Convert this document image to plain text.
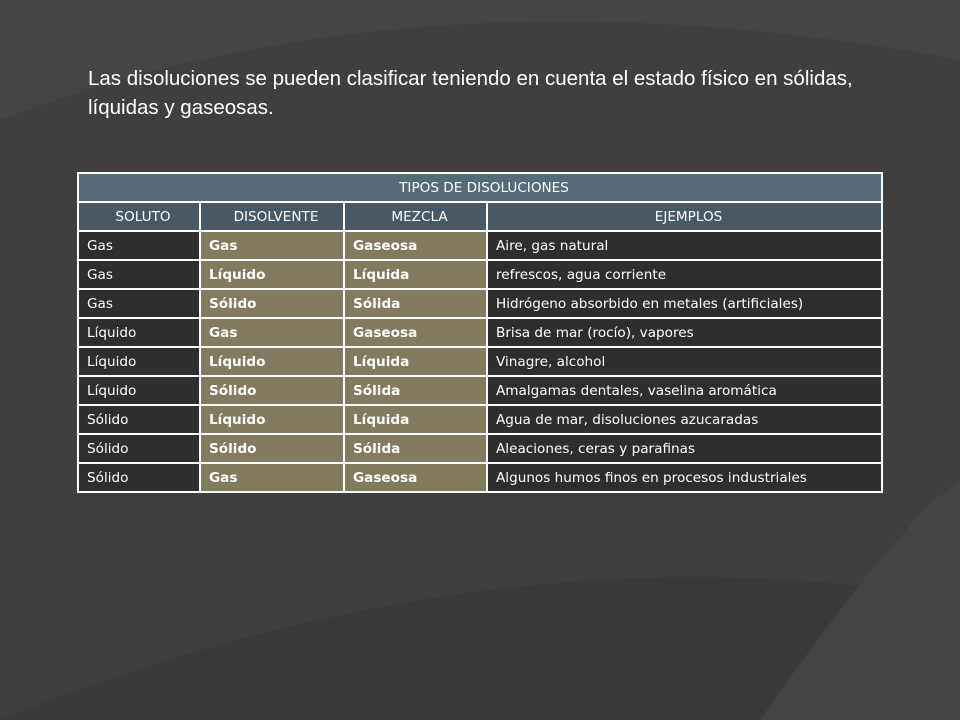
Las disoluciones se pueden clasificar teniendo en cuenta el estado físico en sólidas, líquidas y gaseosas.
TIPOS DE DISOLUCIONES			
SOLUTO	DISOLVENTE	MEZCLA	EJEMPLOS
Gas	Gas	Gaseosa	Aire, gas natural
Gas	Líquido	Líquida	refrescos, agua corriente
Gas	Sólido	Sólida	Hidrógeno absorbido en metales (artificiales)
Líquido	Gas	Gaseosa	Brisa de mar (rocío), vapores
Líquido	Líquido	Líquida	Vinagre, alcohol
Líquido	Sólido	Sólida	Amalgamas dentales, vaselina aromática
Sólido	Líquido	Líquida	Agua de mar, disoluciones azucaradas
Sólido	Sólido	Sólida	Aleaciones, ceras y parafinas
Sólido	Gas	Gaseosa	Algunos humos finos en procesos industriales
